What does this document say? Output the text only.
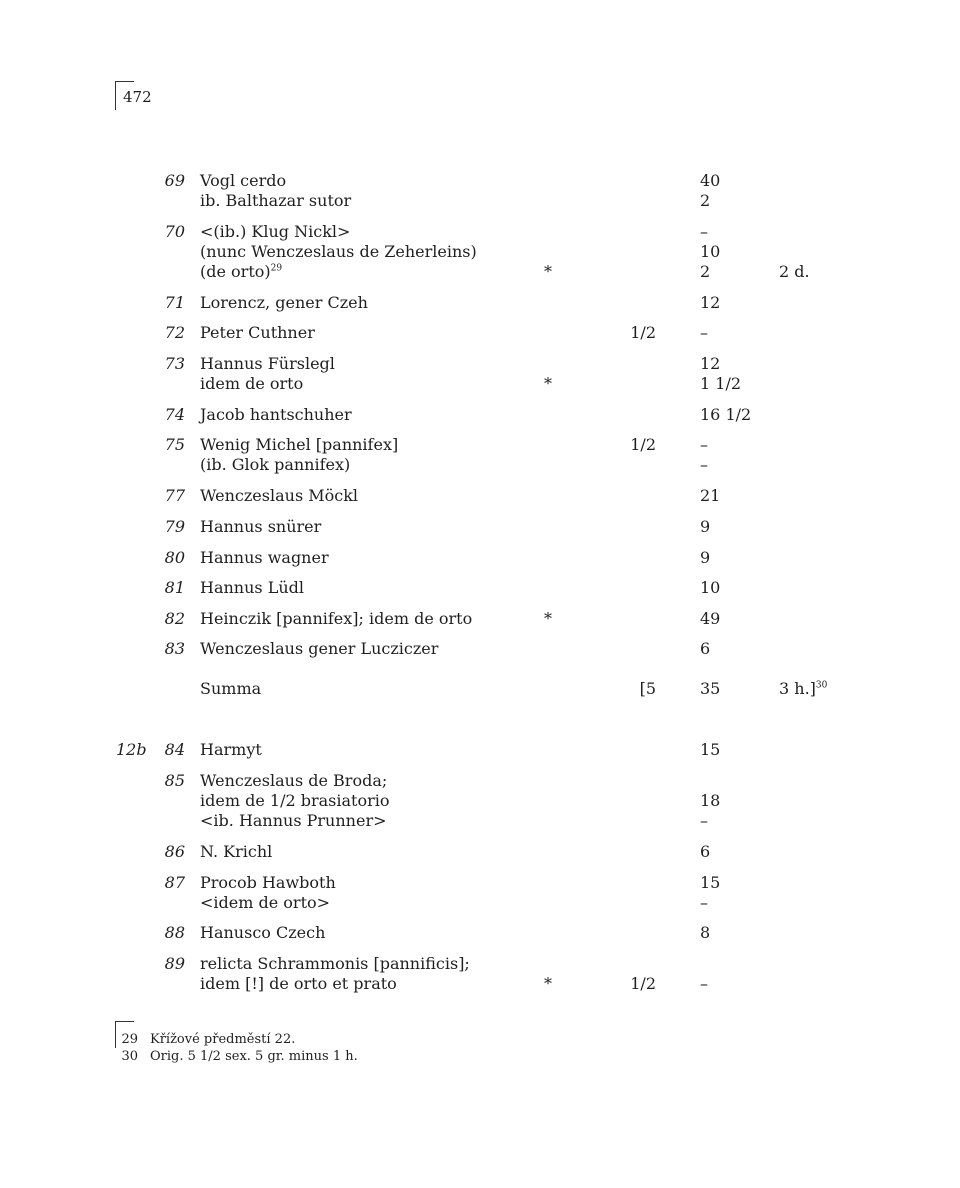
472
69 Vogl cerdo	40
ib. Balthazar sutor	2
70 <(ib.) Klug Nickl>	–
(nunc Wenczeslaus de Zeherleins)	10
(de orto)$^{29}$	*	2	2 d.
71 Lorencz, gener Czeh	12
72 Peter Cuthner	1/2	–
73 Hannus Fürslegl	12
idem de orto	*	1 1/2
74 Jacob hantschuher	16 1/2
75 Wenig Michel [pannifex]	1/2	–
(ib. Glok pannifex)	–
77 Wenczeslaus Möckl	21
79 Hannus snürer	9
80 Hannus wagner	9
81 Hannus Lüdl	10
82 Heinczik [pannifex]; idem de orto	*	49
83 Wenczeslaus gener Lucziczer	6
Summa	[5	35	3 h.]$^{30}$
12b	84 Harmyt	15
85 Wenczeslaus de Broda;
idem de 1/2 brasiatorio	18
<ib. Hannus Prunner>	–
86 N. Krichl	6
87 Procob Hawboth	15
<idem de orto>	–
88 Hanusco Czech	8
89 relicta Schrammonis [pannificis];
idem [!] de orto et prato	*	1/2	–
29 Křížové předměstí 22.
30 Orig. 5 1/2 sex. 5 gr. minus 1 h.
